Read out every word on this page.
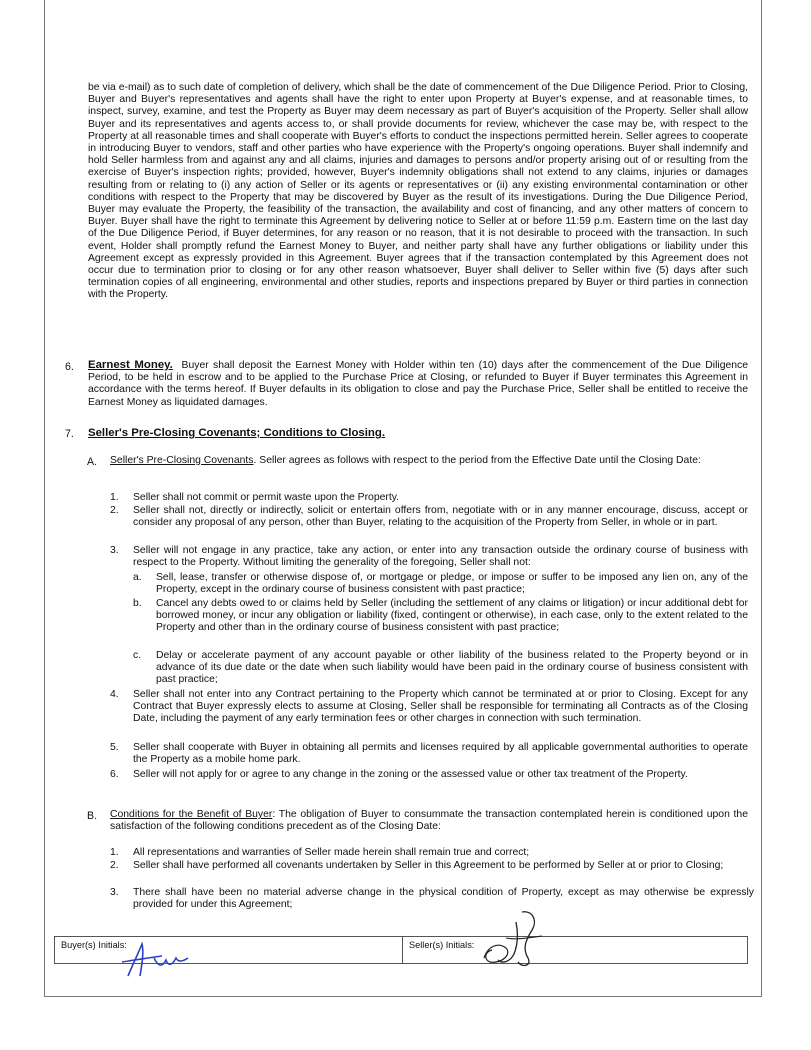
be via e-mail) as to such date of completion of delivery, which shall be the date of commencement of the Due Diligence Period. Prior to Closing, Buyer and Buyer's representatives and agents shall have the right to enter upon Property at Buyer's expense, and at reasonable times, to inspect, survey, examine, and test the Property as Buyer may deem necessary as part of Buyer's acquisition of the Property. Seller shall allow Buyer and its representatives and agents access to, or shall provide documents for review, whichever the case may be, with respect to the Property at all reasonable times and shall cooperate with Buyer's efforts to conduct the inspections permitted herein. Seller agrees to cooperate in introducing Buyer to vendors, staff and other parties who have experience with the Property's ongoing operations. Buyer shall indemnify and hold Seller harmless from and against any and all claims, injuries and damages to persons and/or property arising out of or resulting from the exercise of Buyer's inspection rights; provided, however, Buyer's indemnity obligations shall not extend to any claims, injuries or damages resulting from or relating to (i) any action of Seller or its agents or representatives or (ii) any existing environmental contamination or other conditions with respect to the Property that may be discovered by Buyer as the result of its investigations. During the Due Diligence Period, Buyer may evaluate the Property, the feasibility of the transaction, the availability and cost of financing, and any other matters of concern to Buyer. Buyer shall have the right to terminate this Agreement by delivering notice to Seller at or before 11:59 p.m. Eastern time on the last day of the Due Diligence Period, if Buyer determines, for any reason or no reason, that it is not desirable to proceed with the transaction. In such event, Holder shall promptly refund the Earnest Money to Buyer, and neither party shall have any further obligations or liability under this Agreement except as expressly provided in this Agreement. Buyer agrees that if the transaction contemplated by this Agreement does not occur due to termination prior to closing or for any other reason whatsoever, Buyer shall deliver to Seller within five (5) days after such termination copies of all engineering, environmental and other studies, reports and inspections prepared by Buyer or third parties in connection with the Property.
6. Earnest Money. Buyer shall deposit the Earnest Money with Holder within ten (10) days after the commencement of the Due Diligence Period, to be held in escrow and to be applied to the Purchase Price at Closing, or refunded to Buyer if Buyer terminates this Agreement in accordance with the terms hereof. If Buyer defaults in its obligation to close and pay the Purchase Price, Seller shall be entitled to receive the Earnest Money as liquidated damages.
7. Seller's Pre-Closing Covenants; Conditions to Closing.
A. Seller's Pre-Closing Covenants. Seller agrees as follows with respect to the period from the Effective Date until the Closing Date:
1. Seller shall not commit or permit waste upon the Property.
2. Seller shall not, directly or indirectly, solicit or entertain offers from, negotiate with or in any manner encourage, discuss, accept or consider any proposal of any person, other than Buyer, relating to the acquisition of the Property from Seller, in whole or in part.
3. Seller will not engage in any practice, take any action, or enter into any transaction outside the ordinary course of business with respect to the Property. Without limiting the generality of the foregoing, Seller shall not:
a. Sell, lease, transfer or otherwise dispose of, or mortgage or pledge, or impose or suffer to be imposed any lien on, any of the Property, except in the ordinary course of business consistent with past practice;
b. Cancel any debts owed to or claims held by Seller (including the settlement of any claims or litigation) or incur additional debt for borrowed money, or incur any obligation or liability (fixed, contingent or otherwise), in each case, only to the extent related to the Property and other than in the ordinary course of business consistent with past practice;
c. Delay or accelerate payment of any account payable or other liability of the business related to the Property beyond or in advance of its due date or the date when such liability would have been paid in the ordinary course of business consistent with past practice;
4. Seller shall not enter into any Contract pertaining to the Property which cannot be terminated at or prior to Closing. Except for any Contract that Buyer expressly elects to assume at Closing, Seller shall be responsible for terminating all Contracts as of the Closing Date, including the payment of any early termination fees or other charges in connection with such termination.
5. Seller shall cooperate with Buyer in obtaining all permits and licenses required by all applicable governmental authorities to operate the Property as a mobile home park.
6. Seller will not apply for or agree to any change in the zoning or the assessed value or other tax treatment of the Property.
B. Conditions for the Benefit of Buyer: The obligation of Buyer to consummate the transaction contemplated herein is conditioned upon the satisfaction of the following conditions precedent as of the Closing Date:
1. All representations and warranties of Seller made herein shall remain true and correct;
2. Seller shall have performed all covenants undertaken by Seller in this Agreement to be performed by Seller at or prior to Closing;
3. There shall have been no material adverse change in the physical condition of Property, except as may otherwise be expressly provided for under this Agreement;
Buyer(s) Initials:	Seller(s) Initials:
